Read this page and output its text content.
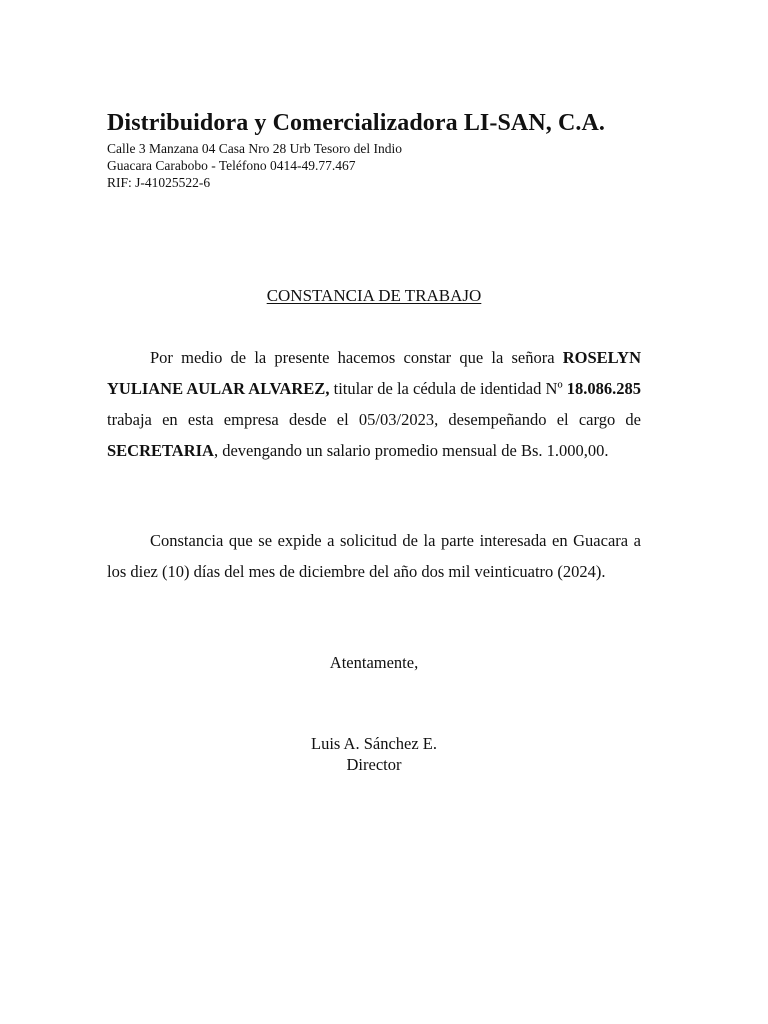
Distribuidora y Comercializadora LI-SAN, C.A.
Calle 3 Manzana 04 Casa Nro 28 Urb Tesoro del Indio
Guacara Carabobo - Teléfono 0414-49.77.467
RIF: J-41025522-6
CONSTANCIA DE TRABAJO
Por medio de la presente hacemos constar que la señora ROSELYN YULIANE AULAR ALVAREZ, titular de la cédula de identidad Nº 18.086.285 trabaja en esta empresa desde el 05/03/2023, desempeñando el cargo de SECRETARIA, devengando un salario promedio mensual de Bs. 1.000,00.
Constancia que se expide a solicitud de la parte interesada en Guacara a los diez (10) días del mes de diciembre del año dos mil veinticuatro (2024).
Atentamente,
Luis A. Sánchez E.
Director
